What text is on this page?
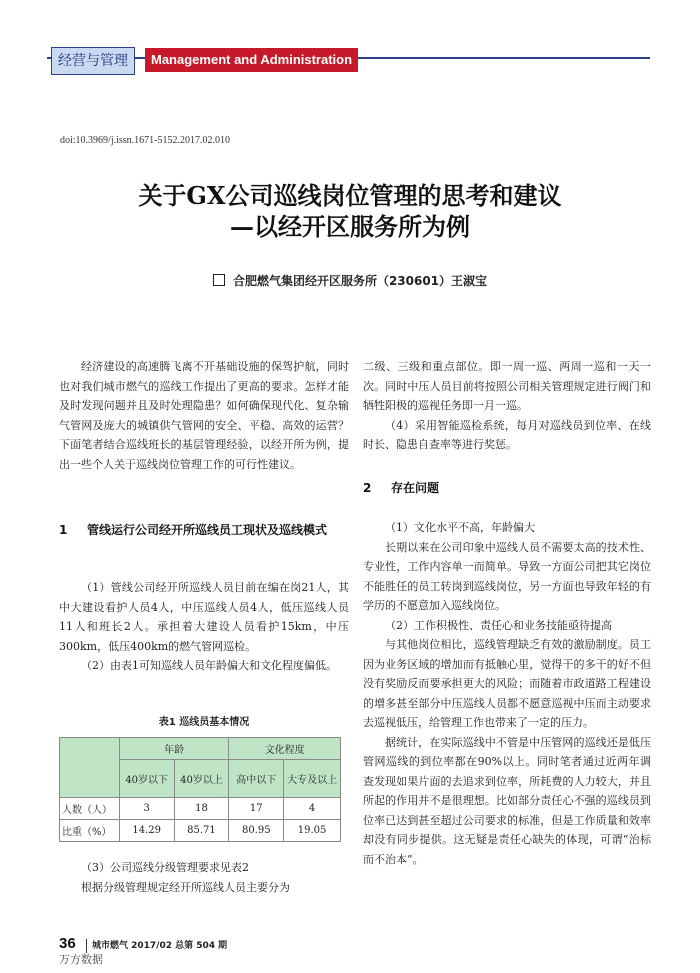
经营与管理	Management and Administration
doi:10.3969/j.issn.1671-5152.2017.02.010
关于GX公司巡线岗位管理的思考和建议
—以经开区服务所为例
合肥燃气集团经开区服务所（230601）王淑宝

经济建设的高速腾飞离不开基础设施的保驾护航，同时也对我们城市燃气的巡线工作提出了更高的要求。怎样才能及时发现问题并且及时处理隐患？如何确保现代化、复杂输气管网及庞大的城镇供气管网的安全、平稳、高效的运营？下面笔者结合巡线班长的基层管理经验，以经开所为例，提出一些个人关于巡线岗位管理工作的可行性建议。

1	管线运行公司经开所巡线员工现状及巡线模式

（1）管线公司经开所巡线人员目前在编在岗21人，其中大建设看护人员4人，中压巡线人员4人，低压巡线人员11人和班长2人。承担着大建设人员看护15km，中压300km，低压400km的燃气管网巡检。

（2）由表1可知巡线人员年龄偏大和文化程度偏低。

表1 巡线员基本情况
	年龄		文化程度	
	40岁以下	40岁以上	高中以下	大专及以上
人数（人）	3	18	17	4
比重（%）	14.29	85.71	80.95	19.05

（3）公司巡线分级管理要求见表2

根据分级管理规定经开所巡线人员主要分为

二级、三级和重点部位。即一周一巡、两周一巡和一天一次。同时中压人员目前将按照公司相关管理规定进行阀门和牺牲阳极的巡视任务即一月一巡。

（4）采用智能巡检系统，每月对巡线员到位率、在线时长、隐患自查率等进行奖惩。

2 存在问题

（1）文化水平不高，年龄偏大

长期以来在公司印象中巡线人员不需要太高的技术性、专业性，工作内容单一而简单。导致一方面公司把其它岗位不能胜任的员工转岗到巡线岗位，另一方面也导致年轻的有学历的不愿意加入巡线岗位。

（2）工作积极性、责任心和业务技能亟待提高

与其他岗位相比，巡线管理缺乏有效的激励制度。员工因为业务区域的增加而有抵触心里，觉得干的多干的好不但没有奖励反而要承担更大的风险；而随着市政道路工程建设的增多甚至部分中压巡线人员都不愿意巡视中压而主动要求去巡视低压，给管理工作也带来了一定的压力。

据统计，在实际巡线中不管是中压管网的巡线还是低压管网巡线的到位率都在90%以上。同时笔者通过近两年调查发现如果片面的去追求到位率，所耗费的人力较大，并且所起的作用并不是很理想。比如部分责任心不强的巡线员到位率已达到甚至超过公司要求的标准，但是工作质量和效率却没有同步提供。这无疑是责任心缺失的体现，可谓“治标而不治本”。

36 城市燃气 2017/02 总第 504 期
万方数据
